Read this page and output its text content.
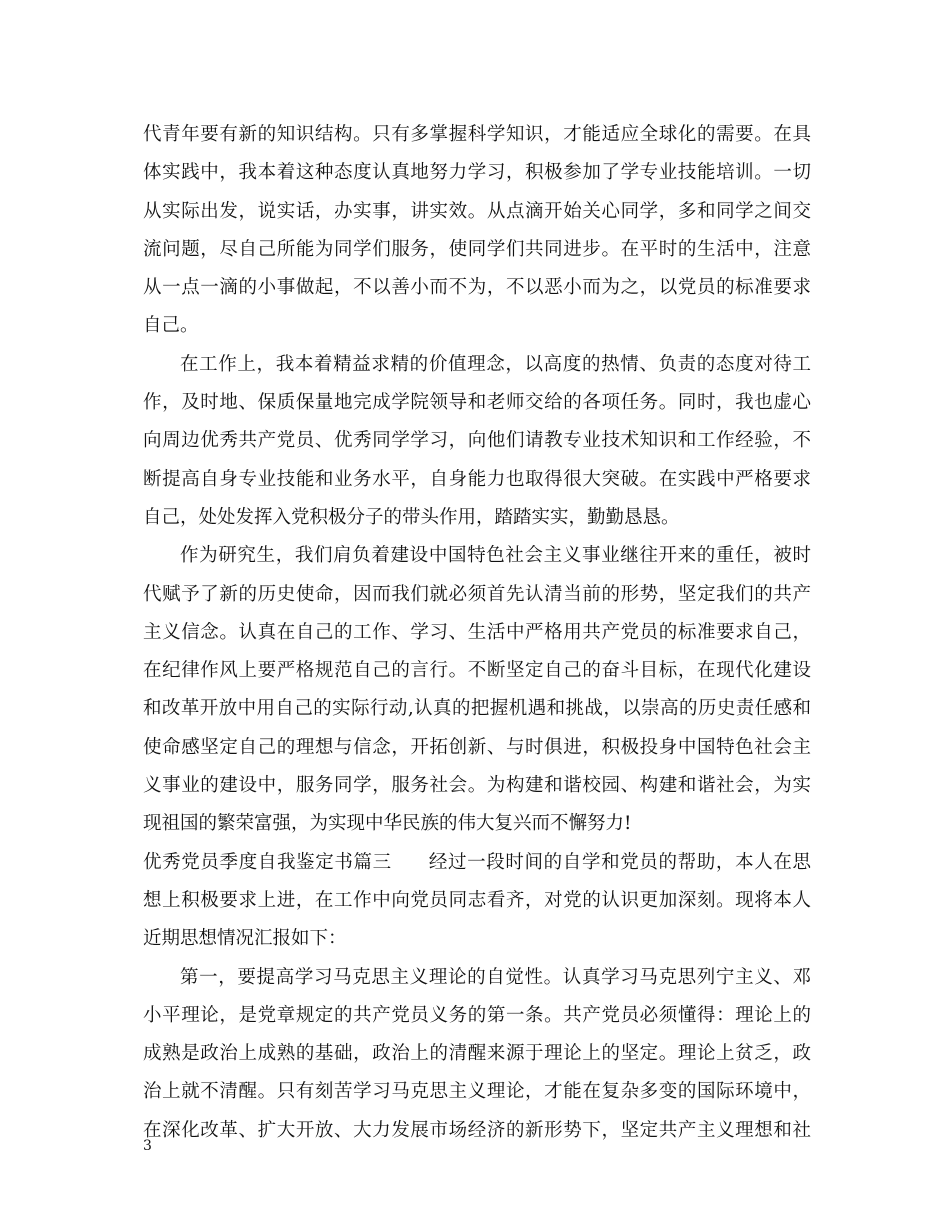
代青年要有新的知识结构。只有多掌握科学知识，才能适应全球化的需要。在具
体实践中，我本着这种态度认真地努力学习，积极参加了学专业技能培训。一切
从实际出发，说实话，办实事，讲实效。从点滴开始关心同学，多和同学之间交
流问题，尽自己所能为同学们服务，使同学们共同进步。在平时的生活中，注意
从一点一滴的小事做起，不以善小而不为，不以恶小而为之，以党员的标准要求
自己。
在工作上，我本着精益求精的价值理念，以高度的热情、负责的态度对待工
作，及时地、保质保量地完成学院领导和老师交给的各项任务。同时，我也虚心
向周边优秀共产党员、优秀同学学习，向他们请教专业技术知识和工作经验，不
断提高自身专业技能和业务水平，自身能力也取得很大突破。在实践中严格要求
自己，处处发挥入党积极分子的带头作用，踏踏实实，勤勤恳恳。
作为研究生，我们肩负着建设中国特色社会主义事业继往开来的重任，被时
代赋予了新的历史使命，因而我们就必须首先认清当前的形势，坚定我们的共产
主义信念。认真在自己的工作、学习、生活中严格用共产党员的标准要求自己，
在纪律作风上要严格规范自己的言行。不断坚定自己的奋斗目标，在现代化建设
和改革开放中用自己的实际行动,认真的把握机遇和挑战，以崇高的历史责任感和
使命感坚定自己的理想与信念，开拓创新、与时俱进，积极投身中国特色社会主
义事业的建设中，服务同学，服务社会。为构建和谐校园、构建和谐社会，为实
现祖国的繁荣富强，为实现中华民族的伟大复兴而不懈努力!
优秀党员季度自我鉴定书篇三 经过一段时间的自学和党员的帮助，本人在思
想上积极要求上进，在工作中向党员同志看齐，对党的认识更加深刻。现将本人
近期思想情况汇报如下：
第一，要提高学习马克思主义理论的自觉性。认真学习马克思列宁主义、邓
小平理论，是党章规定的共产党员义务的第一条。共产党员必须懂得：理论上的
成熟是政治上成熟的基础，政治上的清醒来源于理论上的坚定。理论上贫乏，政
治上就不清醒。只有刻苦学习马克思主义理论，才能在复杂多变的国际环境中，
在深化改革、扩大开放、大力发展市场经济的新形势下，坚定共产主义理想和社
3
